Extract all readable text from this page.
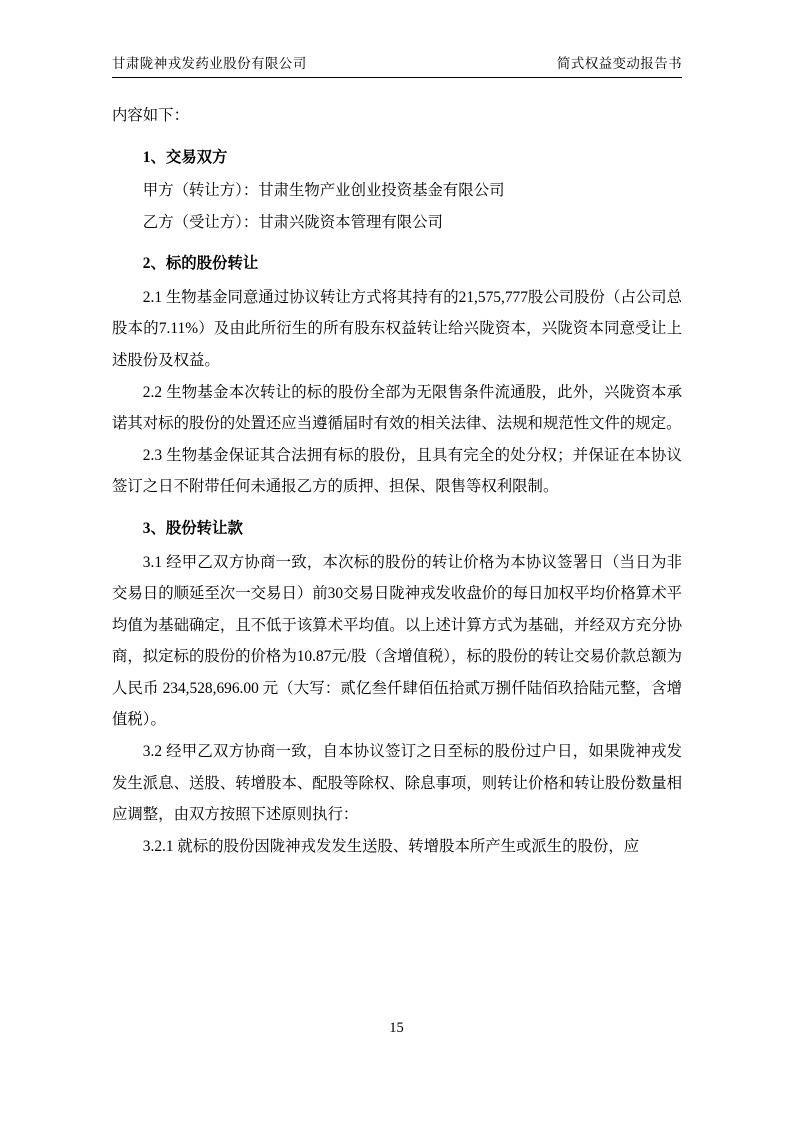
甘肃陇神戎发药业股份有限公司	简式权益变动报告书

内容如下：

1、交易双方

甲方（转让方）：甘肃生物产业创业投资基金有限公司

乙方（受让方）：甘肃兴陇资本管理有限公司

2、标的股份转让

2.1 生物基金同意通过协议转让方式将其持有的21,575,777股公司股份（占公司总股本的7.11%）及由此所衍生的所有股东权益转让给兴陇资本，兴陇资本同意受让上述股份及权益。

2.2 生物基金本次转让的标的股份全部为无限售条件流通股，此外，兴陇资本承诺其对标的股份的处置还应当遵循届时有效的相关法律、法规和规范性文件的规定。

2.3 生物基金保证其合法拥有标的股份，且具有完全的处分权；并保证在本协议签订之日不附带任何未通报乙方的质押、担保、限售等权利限制。

3、股份转让款

3.1 经甲乙双方协商一致，本次标的股份的转让价格为本协议签署日（当日为非交易日的顺延至次一交易日）前30交易日陇神戎发收盘价的每日加权平均价格算术平均值为基础确定，且不低于该算术平均值。以上述计算方式为基础，并经双方充分协商，拟定标的股份的价格为10.87元/股（含增值税），标的股份的转让交易价款总额为人民币 234,528,696.00 元（大写：贰亿叁仟肆佰伍拾贰万捌仟陆佰玖拾陆元整，含增值税）。

3.2 经甲乙双方协商一致，自本协议签订之日至标的股份过户日，如果陇神戎发发生派息、送股、转增股本、配股等除权、除息事项，则转让价格和转让股份数量相应调整，由双方按照下述原则执行：

3.2.1 就标的股份因陇神戎发发生送股、转增股本所产生或派生的股份，应

15
